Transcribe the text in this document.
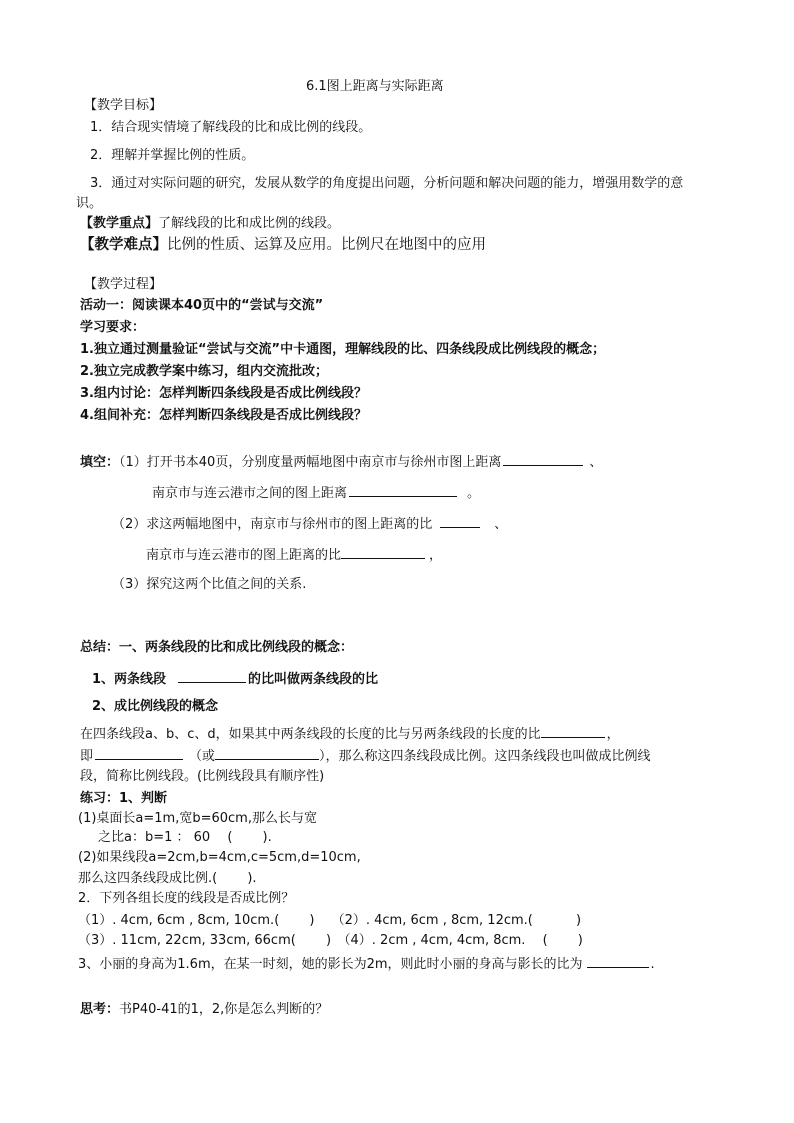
6.1图上距离与实际距离
【教学目标】
1．结合现实情境了解线段的比和成比例的线段。
2．理解并掌握比例的性质。
3．通过对实际问题的研究，发展从数学的角度提出问题，分析问题和解决问题的能力，增强用数学的意
识。
【教学重点】了解线段的比和成比例的线段。
【教学难点】比例的性质、运算及应用。比例尺在地图中的应用
【教学过程】
活动一：阅读课本40页中的“尝试与交流”
学习要求：
1.独立通过测量验证“尝试与交流”中卡通图，理解线段的比、四条线段成比例线段的概念；
2.独立完成教学案中练习，组内交流批改；
3.组内讨论：怎样判断四条线段是否成比例线段？
4.组间补充：怎样判断四条线段是否成比例线段？
填空：（1）打开书本40页，分别度量两幅地图中南京市与徐州市图上距离	、
南京市与连云港市之间的图上距离	。
（2）求这两幅地图中，南京市与徐州市的图上距离的比	、
南京市与连云港市的图上距离的比	，
（3）探究这两个比值之间的关系.
总结：一、两条线段的比和成比例线段的概念：
1、两条线段	的比叫做两条线段的比
2、成比例线段的概念
在四条线段a、b、c、d，如果其中两条线段的长度的比与另两条线段的长度的比	，
即	（或	），那么称这四条线段成比例。这四条线段也叫做成比例线
段，简称比例线段。(比例线段具有顺序性)
练习：1、判断
(1)桌面长a=1m,宽b=60cm,那么长与宽
之比a：b=1 ： 60　 (　　 ).
(2)如果线段a=2cm,b=4cm,c=5cm,d=10cm,
那么这四条线段成比例.(　　 ).
2．下列各组长度的线段是否成比例？
（1）. 4cm, 6cm , 8cm, 10cm.(　　 )　 （2）. 4cm, 6cm , 8cm, 12cm.(　　　 )
（3）. 11cm, 22cm, 33cm, 66cm(　　 )　（4）. 2cm , 4cm, 4cm, 8cm.　 (　　 )
3、小丽的身高为1.6m，在某一时刻，她的影长为2m，则此时小丽的身高与影长的比为	.
思考：书P40-41的1，2,你是怎么判断的？
